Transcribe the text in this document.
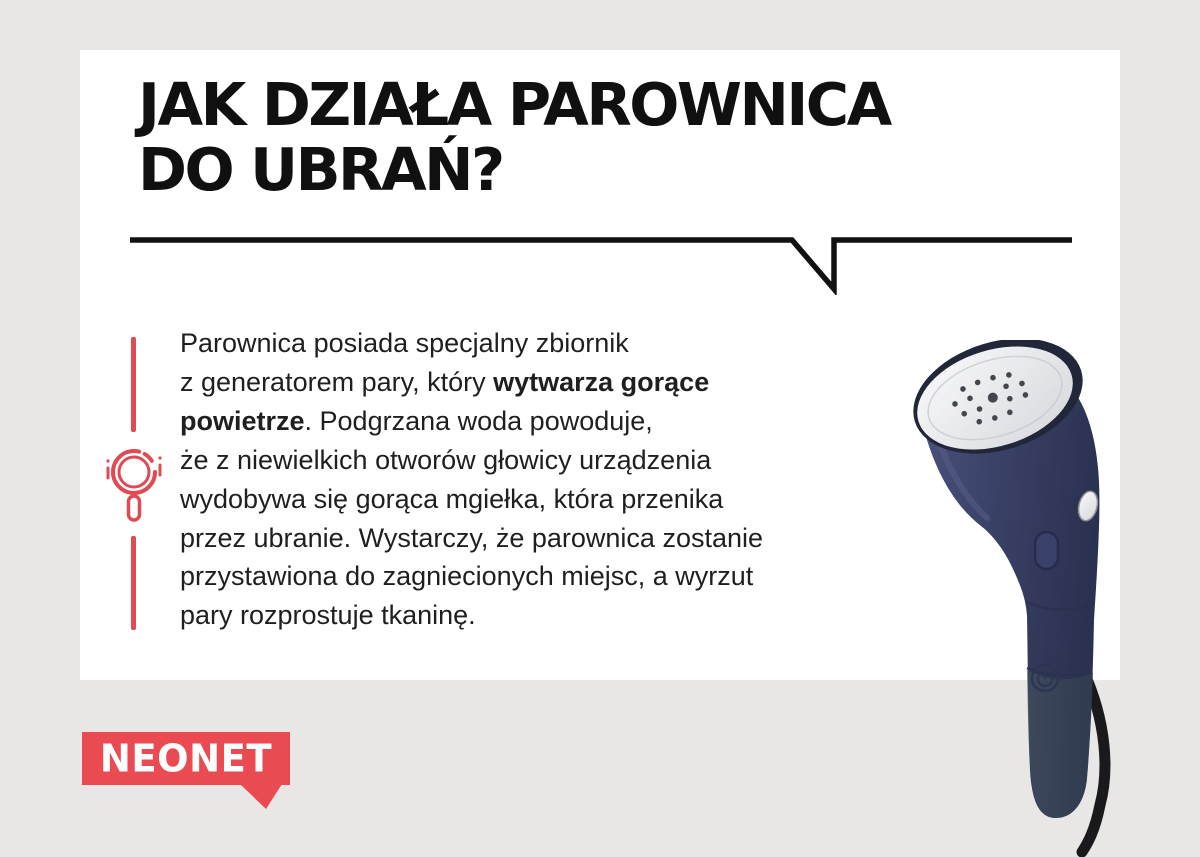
JAK DZIAŁA PAROWNICA
DO UBRAŃ?
Parownica posiada specjalny zbiornik
z generatorem pary, który wytwarza gorące
powietrze. Podgrzana woda powoduje,
że z niewielkich otworów głowicy urządzenia
wydobywa się gorąca mgiełka, która przenika
przez ubranie. Wystarczy, że parownica zostanie
przystawiona do zagniecionych miejsc, a wyrzut
pary rozprostuje tkaninę.
NEONET
